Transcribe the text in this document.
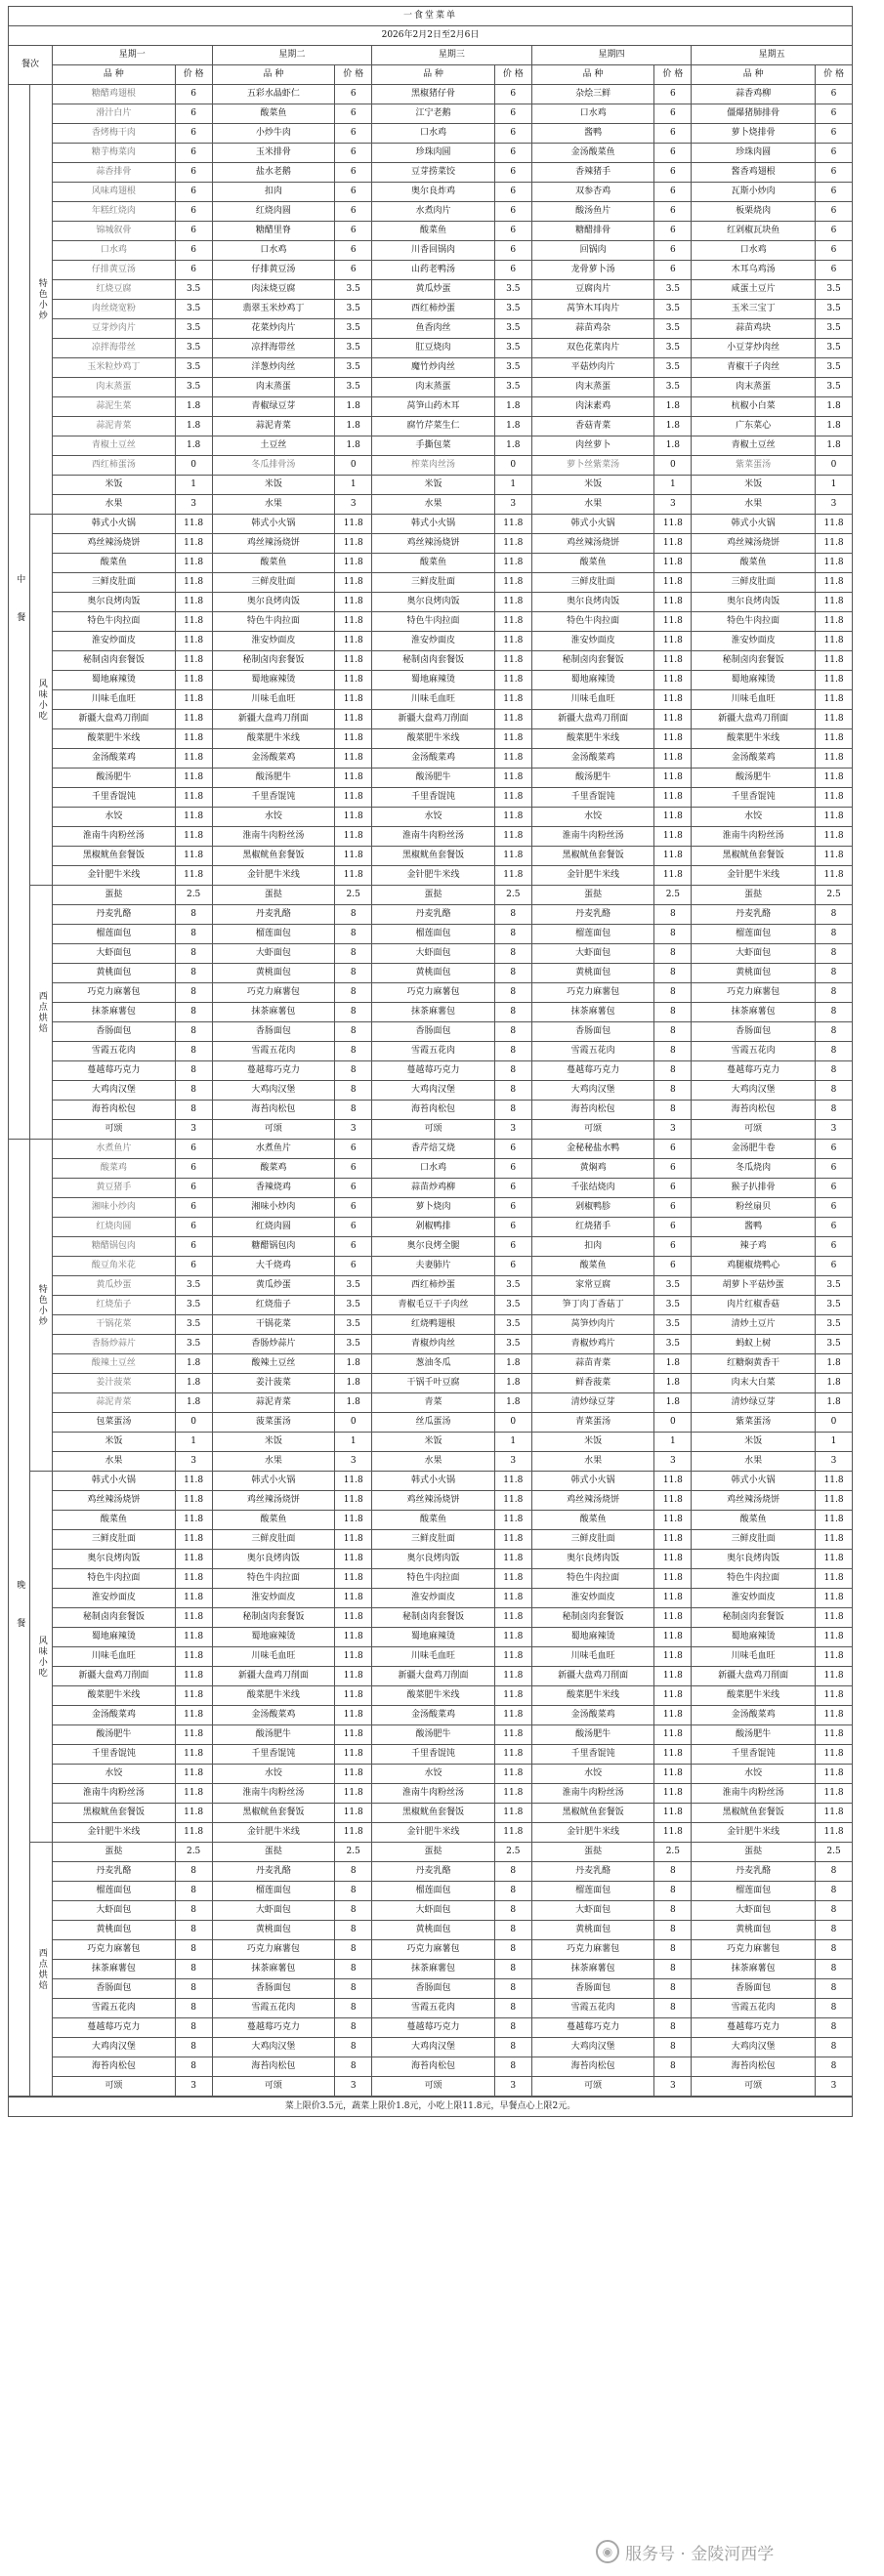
一食堂菜单											
2026年2月2日至2月6日											
餐次		星期一		星期二		星期三		星期四		星期五	
		品 种	价 格	品 种	价 格	品 种	价 格	品 种	价 格	品 种	价 格
中餐	特色小炒	糖醋鸡翅根	6	五彩水晶虾仁	6	黑椒猪仔骨	6	杂烩三鲜	6	蒜香鸡柳	6
		滑汁白片	6	酸菜鱼	6	江宁老鹅	6	口水鸡	6	僵爆猪肺排骨	6
		香烤梅干肉	6	小炒牛肉	6	口水鸡	6	酱鸭	6	萝卜烧排骨	6
		糖芋梅菜肉	6	玉米排骨	6	珍珠肉圆	6	金汤酸菜鱼	6	珍珠肉圆	6
		蒜香排骨	6	盐水老鹅	6	豆芽捞菜饺	6	香辣猪手	6	酱香鸡翅根	6
		风味鸡翅根	6	扣肉	6	奥尔良炸鸡	6	双参杏鸡	6	瓦斯小炒肉	6
		年糕红烧肉	6	红烧肉圆	6	水煮肉片	6	酸汤鱼片	6	板栗烧肉	6
		锦城叙骨	6	糖醋里脊	6	酸菜鱼	6	糖醋排骨	6	红剁椒瓦块鱼	6
		口水鸡	6	口水鸡	6	川香回锅肉	6	回锅肉	6	口水鸡	6
		仔排黄豆汤	6	仔排黄豆汤	6	山药老鸭汤	6	龙骨萝卜汤	6	木耳乌鸡汤	6
		红烧豆腐	3.5	肉沫烧豆腐	3.5	黄瓜炒蛋	3.5	豆腐肉片	3.5	咸蛋土豆片	3.5
		肉丝烧宽粉	3.5	翡翠玉米炒鸡丁	3.5	西红柿炒蛋	3.5	莴笋木耳肉片	3.5	玉米三宝丁	3.5
		豆芽炒肉片	3.5	花菜炒肉片	3.5	鱼香肉丝	3.5	蒜苗鸡杂	3.5	蒜苗鸡块	3.5
		凉拌海带丝	3.5	凉拌海带丝	3.5	肛豆烧肉	3.5	双色花菜肉片	3.5	小豆芽炒肉丝	3.5
		玉米粒炒鸡丁	3.5	洋葱炒肉丝	3.5	魔竹炒肉丝	3.5	平菇炒肉片	3.5	青椒干子肉丝	3.5
		肉末蒸蛋	3.5	肉末蒸蛋	3.5	肉末蒸蛋	3.5	肉末蒸蛋	3.5	肉末蒸蛋	3.5
		蒜泥生菜	1.8	青椒绿豆芽	1.8	莴笋山药木耳	1.8	肉沫素鸡	1.8	杭椒小白菜	1.8
		蒜泥青菜	1.8	蒜泥青菜	1.8	腐竹芹菜生仁	1.8	香菇青菜	1.8	广东菜心	1.8
		青椒土豆丝	1.8	土豆丝	1.8	手撕包菜	1.8	肉丝萝卜	1.8	青椒土豆丝	1.8
		西红柿蛋汤	0	冬瓜排骨汤	0	榨菜肉丝汤	0	萝卜丝紫菜汤	0	紫菜蛋汤	0
		米饭	1	米饭	1	米饭	1	米饭	1	米饭	1
		水果	3	水果	3	水果	3	水果	3	水果	3
	风味小吃	韩式小火锅	11.8	韩式小火锅	11.8	韩式小火锅	11.8	韩式小火锅	11.8	韩式小火锅	11.8
		鸡丝辣汤烧饼	11.8	鸡丝辣汤烧饼	11.8	鸡丝辣汤烧饼	11.8	鸡丝辣汤烧饼	11.8	鸡丝辣汤烧饼	11.8
		酸菜鱼	11.8	酸菜鱼	11.8	酸菜鱼	11.8	酸菜鱼	11.8	酸菜鱼	11.8
		三鲜皮肚面	11.8	三鲜皮肚面	11.8	三鲜皮肚面	11.8	三鲜皮肚面	11.8	三鲜皮肚面	11.8
		奥尔良烤肉饭	11.8	奥尔良烤肉饭	11.8	奥尔良烤肉饭	11.8	奥尔良烤肉饭	11.8	奥尔良烤肉饭	11.8
		特色牛肉拉面	11.8	特色牛肉拉面	11.8	特色牛肉拉面	11.8	特色牛肉拉面	11.8	特色牛肉拉面	11.8
		淮安炒面皮	11.8	淮安炒面皮	11.8	淮安炒面皮	11.8	淮安炒面皮	11.8	淮安炒面皮	11.8
		秘制卤肉套餐饭	11.8	秘制卤肉套餐饭	11.8	秘制卤肉套餐饭	11.8	秘制卤肉套餐饭	11.8	秘制卤肉套餐饭	11.8
		蜀地麻辣烫	11.8	蜀地麻辣烫	11.8	蜀地麻辣烫	11.8	蜀地麻辣烫	11.8	蜀地麻辣烫	11.8
		川味毛血旺	11.8	川味毛血旺	11.8	川味毛血旺	11.8	川味毛血旺	11.8	川味毛血旺	11.8
		新疆大盘鸡刀削面	11.8	新疆大盘鸡刀削面	11.8	新疆大盘鸡刀削面	11.8	新疆大盘鸡刀削面	11.8	新疆大盘鸡刀削面	11.8
		酸菜肥牛米线	11.8	酸菜肥牛米线	11.8	酸菜肥牛米线	11.8	酸菜肥牛米线	11.8	酸菜肥牛米线	11.8
		金汤酸菜鸡	11.8	金汤酸菜鸡	11.8	金汤酸菜鸡	11.8	金汤酸菜鸡	11.8	金汤酸菜鸡	11.8
		酸汤肥牛	11.8	酸汤肥牛	11.8	酸汤肥牛	11.8	酸汤肥牛	11.8	酸汤肥牛	11.8
		千里香馄饨	11.8	千里香馄饨	11.8	千里香馄饨	11.8	千里香馄饨	11.8	千里香馄饨	11.8
		水饺	11.8	水饺	11.8	水饺	11.8	水饺	11.8	水饺	11.8
		淮南牛肉粉丝汤	11.8	淮南牛肉粉丝汤	11.8	淮南牛肉粉丝汤	11.8	淮南牛肉粉丝汤	11.8	淮南牛肉粉丝汤	11.8
		黑椒鱿鱼套餐饭	11.8	黑椒鱿鱼套餐饭	11.8	黑椒鱿鱼套餐饭	11.8	黑椒鱿鱼套餐饭	11.8	黑椒鱿鱼套餐饭	11.8
		金针肥牛米线	11.8	金针肥牛米线	11.8	金针肥牛米线	11.8	金针肥牛米线	11.8	金针肥牛米线	11.8
	西点烘焙	蛋挞	2.5	蛋挞	2.5	蛋挞	2.5	蛋挞	2.5	蛋挞	2.5
		丹麦乳酪	8	丹麦乳酪	8	丹麦乳酪	8	丹麦乳酪	8	丹麦乳酪	8
		榴莲面包	8	榴莲面包	8	榴莲面包	8	榴莲面包	8	榴莲面包	8
		大虾面包	8	大虾面包	8	大虾面包	8	大虾面包	8	大虾面包	8
		黄桃面包	8	黄桃面包	8	黄桃面包	8	黄桃面包	8	黄桃面包	8
		巧克力麻薯包	8	巧克力麻薯包	8	巧克力麻薯包	8	巧克力麻薯包	8	巧克力麻薯包	8
		抹茶麻薯包	8	抹茶麻薯包	8	抹茶麻薯包	8	抹茶麻薯包	8	抹茶麻薯包	8
		香肠面包	8	香肠面包	8	香肠面包	8	香肠面包	8	香肠面包	8
		雪霞五花肉	8	雪霞五花肉	8	雪霞五花肉	8	雪霞五花肉	8	雪霞五花肉	8
		蔓越莓巧克力	8	蔓越莓巧克力	8	蔓越莓巧克力	8	蔓越莓巧克力	8	蔓越莓巧克力	8
		大鸡肉汉堡	8	大鸡肉汉堡	8	大鸡肉汉堡	8	大鸡肉汉堡	8	大鸡肉汉堡	8
		海苔肉松包	8	海苔肉松包	8	海苔肉松包	8	海苔肉松包	8	海苔肉松包	8
		可颂	3	可颂	3	可颂	3	可颂	3	可颂	3
晚餐	特色小炒	水煮鱼片	6	水煮鱼片	6	香芹焙艾烧	6	金秘秘盐水鸭	6	金汤肥牛卷	6
		酸菜鸡	6	酸菜鸡	6	口水鸡	6	黄焖鸡	6	冬瓜烧肉	6
		黄豆猪手	6	香辣烧鸡	6	蒜苗炒鸡柳	6	千张结烧肉	6	猴子扒排骨	6
		湘味小炒肉	6	湘味小炒肉	6	萝卜烧肉	6	剁椒鸭胗	6	粉丝扇贝	6
		红烧肉圆	6	红烧肉圆	6	剁椒鸭排	6	红烧猪手	6	酱鸭	6
		糖醋锅包肉	6	糖醋锅包肉	6	奥尔良烤全腿	6	扣肉	6	辣子鸡	6
		酸豆角米花	6	大千烧鸡	6	夫妻肺片	6	酸菜鱼	6	鸡腿椒烧鸭心	6
		黄瓜炒蛋	3.5	黄瓜炒蛋	3.5	西红柿炒蛋	3.5	家常豆腐	3.5	胡萝卜平菇炒蛋	3.5
		红烧茄子	3.5	红烧茄子	3.5	青椒毛豆干子肉丝	3.5	笋丁肉丁香菇丁	3.5	肉片红椒香菇	3.5
		干锅花菜	3.5	干锅花菜	3.5	红烧鸭翅根	3.5	莴笋炒肉片	3.5	清炒土豆片	3.5
		香肠炒蒜片	3.5	香肠炒蒜片	3.5	青椒炒肉丝	3.5	青椒炒鸡片	3.5	蚂蚁上树	3.5
		酸辣土豆丝	1.8	酸辣土豆丝	1.8	葱油冬瓜	1.8	蒜苗青菜	1.8	红糖焖黄香干	1.8
		姜汁菠菜	1.8	姜汁菠菜	1.8	干锅千叶豆腐	1.8	鲜香菠菜	1.8	肉末大白菜	1.8
		蒜泥青菜	1.8	蒜泥青菜	1.8	青菜	1.8	清炒绿豆芽	1.8	清炒绿豆芽	1.8
		包菜蛋汤	0	菠菜蛋汤	0	丝瓜蛋汤	0	青菜蛋汤	0	紫菜蛋汤	0
		米饭	1	米饭	1	米饭	1	米饭	1	米饭	1
		水果	3	水果	3	水果	3	水果	3	水果	3
	风味小吃	韩式小火锅	11.8	韩式小火锅	11.8	韩式小火锅	11.8	韩式小火锅	11.8	韩式小火锅	11.8
		鸡丝辣汤烧饼	11.8	鸡丝辣汤烧饼	11.8	鸡丝辣汤烧饼	11.8	鸡丝辣汤烧饼	11.8	鸡丝辣汤烧饼	11.8
		酸菜鱼	11.8	酸菜鱼	11.8	酸菜鱼	11.8	酸菜鱼	11.8	酸菜鱼	11.8
		三鲜皮肚面	11.8	三鲜皮肚面	11.8	三鲜皮肚面	11.8	三鲜皮肚面	11.8	三鲜皮肚面	11.8
		奥尔良烤肉饭	11.8	奥尔良烤肉饭	11.8	奥尔良烤肉饭	11.8	奥尔良烤肉饭	11.8	奥尔良烤肉饭	11.8
		特色牛肉拉面	11.8	特色牛肉拉面	11.8	特色牛肉拉面	11.8	特色牛肉拉面	11.8	特色牛肉拉面	11.8
		淮安炒面皮	11.8	淮安炒面皮	11.8	淮安炒面皮	11.8	淮安炒面皮	11.8	淮安炒面皮	11.8
		秘制卤肉套餐饭	11.8	秘制卤肉套餐饭	11.8	秘制卤肉套餐饭	11.8	秘制卤肉套餐饭	11.8	秘制卤肉套餐饭	11.8
		蜀地麻辣烫	11.8	蜀地麻辣烫	11.8	蜀地麻辣烫	11.8	蜀地麻辣烫	11.8	蜀地麻辣烫	11.8
		川味毛血旺	11.8	川味毛血旺	11.8	川味毛血旺	11.8	川味毛血旺	11.8	川味毛血旺	11.8
		新疆大盘鸡刀削面	11.8	新疆大盘鸡刀削面	11.8	新疆大盘鸡刀削面	11.8	新疆大盘鸡刀削面	11.8	新疆大盘鸡刀削面	11.8
		酸菜肥牛米线	11.8	酸菜肥牛米线	11.8	酸菜肥牛米线	11.8	酸菜肥牛米线	11.8	酸菜肥牛米线	11.8
		金汤酸菜鸡	11.8	金汤酸菜鸡	11.8	金汤酸菜鸡	11.8	金汤酸菜鸡	11.8	金汤酸菜鸡	11.8
		酸汤肥牛	11.8	酸汤肥牛	11.8	酸汤肥牛	11.8	酸汤肥牛	11.8	酸汤肥牛	11.8
		千里香馄饨	11.8	千里香馄饨	11.8	千里香馄饨	11.8	千里香馄饨	11.8	千里香馄饨	11.8
		水饺	11.8	水饺	11.8	水饺	11.8	水饺	11.8	水饺	11.8
		淮南牛肉粉丝汤	11.8	淮南牛肉粉丝汤	11.8	淮南牛肉粉丝汤	11.8	淮南牛肉粉丝汤	11.8	淮南牛肉粉丝汤	11.8
		黑椒鱿鱼套餐饭	11.8	黑椒鱿鱼套餐饭	11.8	黑椒鱿鱼套餐饭	11.8	黑椒鱿鱼套餐饭	11.8	黑椒鱿鱼套餐饭	11.8
		金针肥牛米线	11.8	金针肥牛米线	11.8	金针肥牛米线	11.8	金针肥牛米线	11.8	金针肥牛米线	11.8
	西点烘焙	蛋挞	2.5	蛋挞	2.5	蛋挞	2.5	蛋挞	2.5	蛋挞	2.5
		丹麦乳酪	8	丹麦乳酪	8	丹麦乳酪	8	丹麦乳酪	8	丹麦乳酪	8
		榴莲面包	8	榴莲面包	8	榴莲面包	8	榴莲面包	8	榴莲面包	8
		大虾面包	8	大虾面包	8	大虾面包	8	大虾面包	8	大虾面包	8
		黄桃面包	8	黄桃面包	8	黄桃面包	8	黄桃面包	8	黄桃面包	8
		巧克力麻薯包	8	巧克力麻薯包	8	巧克力麻薯包	8	巧克力麻薯包	8	巧克力麻薯包	8
		抹茶麻薯包	8	抹茶麻薯包	8	抹茶麻薯包	8	抹茶麻薯包	8	抹茶麻薯包	8
		香肠面包	8	香肠面包	8	香肠面包	8	香肠面包	8	香肠面包	8
		雪霞五花肉	8	雪霞五花肉	8	雪霞五花肉	8	雪霞五花肉	8	雪霞五花肉	8
		蔓越莓巧克力	8	蔓越莓巧克力	8	蔓越莓巧克力	8	蔓越莓巧克力	8	蔓越莓巧克力	8
		大鸡肉汉堡	8	大鸡肉汉堡	8	大鸡肉汉堡	8	大鸡肉汉堡	8	大鸡肉汉堡	8
		海苔肉松包	8	海苔肉松包	8	海苔肉松包	8	海苔肉松包	8	海苔肉松包	8
		可颂	3	可颂	3	可颂	3	可颂	3	可颂	3
菜上限价3.5元，蔬菜上限价1.8元，小吃上限11.8元，早餐点心上限2元。
◉ 服务号 · 金陵河西学
